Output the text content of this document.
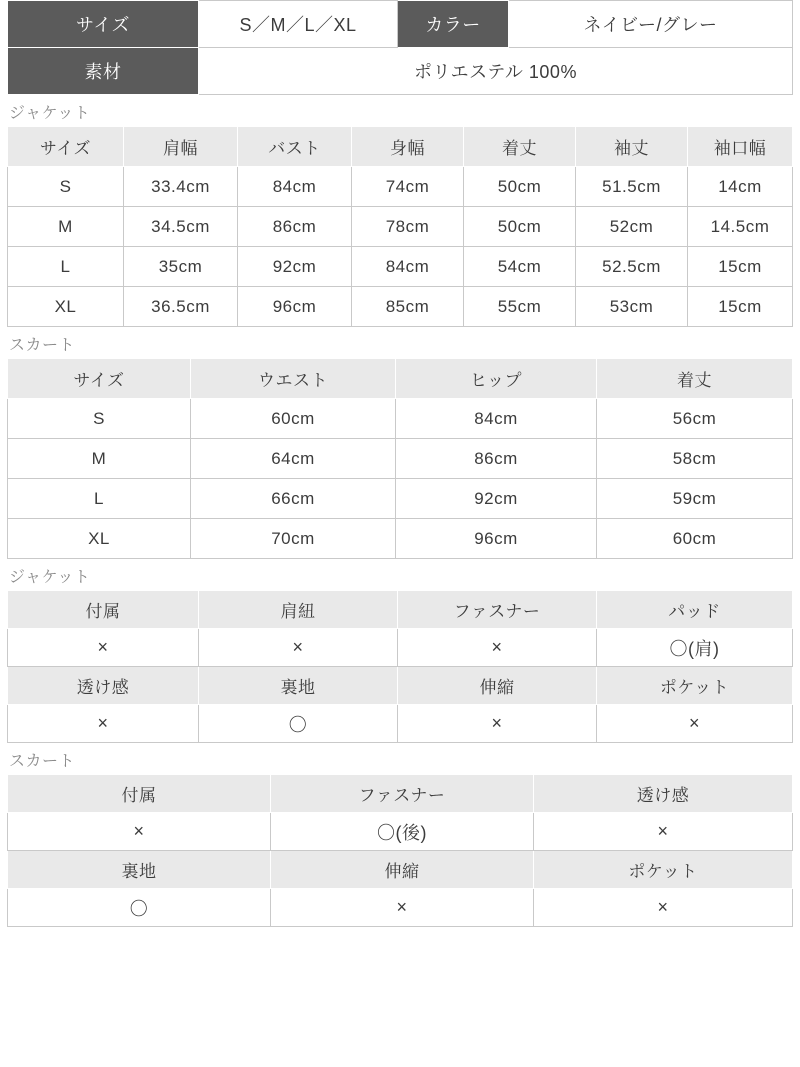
サイズ	S／M／L／XL	カラー	ネイビー/グレー
素材	ポリエステル 100%		
ジャケット
サイズ	肩幅	バスト	身幅	着丈	袖丈	袖口幅
S	33.4cm	84cm	74cm	50cm	51.5cm	14cm
M	34.5cm	86cm	78cm	50cm	52cm	14.5cm
L	35cm	92cm	84cm	54cm	52.5cm	15cm
XL	36.5cm	96cm	85cm	55cm	53cm	15cm
スカート
サイズ	ウエスト	ヒップ	着丈
S	60cm	84cm	56cm
M	64cm	86cm	58cm
L	66cm	92cm	59cm
XL	70cm	96cm	60cm
ジャケット
付属	肩紐	ファスナー	パッド
×	×	×	〇(肩)
透け感	裏地	伸縮	ポケット
×	〇	×	×
スカート
付属	ファスナー	透け感
×	〇(後)	×
裏地	伸縮	ポケット
〇	×	×
